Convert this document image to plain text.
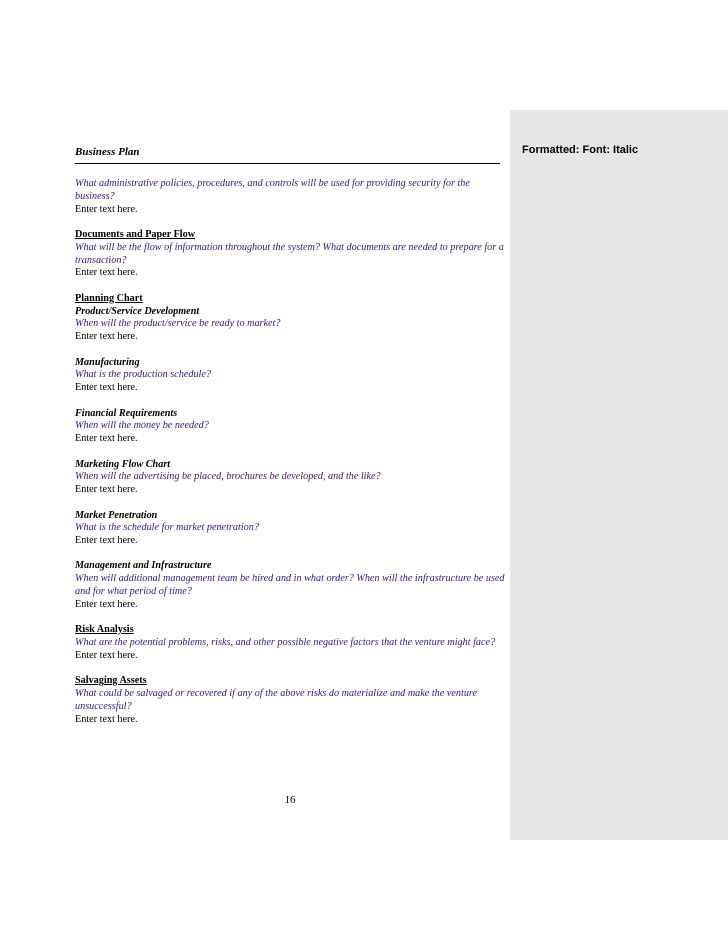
Formatted: Font: Italic
Business Plan
What administrative policies, procedures, and controls will be used for providing security for the business?
Enter text here.
Documents and Paper Flow
What will be the flow of information throughout the system? What documents are needed to prepare for a transaction?
Enter text here.
Planning Chart
Product/Service Development
When will the product/service be ready to market?
Enter text here.
Manufacturing
What is the production schedule?
Enter text here.
Financial Requirements
When will the money be needed?
Enter text here.
Marketing Flow Chart
When will the advertising be placed, brochures be developed, and the like?
Enter text here.
Market Penetration
What is the schedule for market penetration?
Enter text here.
Management and Infrastructure
When will additional management team be hired and in what order? When will the infrastructure be used and for what period of time?
Enter text here.
Risk Analysis
What are the potential problems, risks, and other possible negative factors that the venture might face?
Enter text here.
Salvaging Assets
What could be salvaged or recovered if any of the above risks do materialize and make the venture unsuccessful?
Enter text here.
16
